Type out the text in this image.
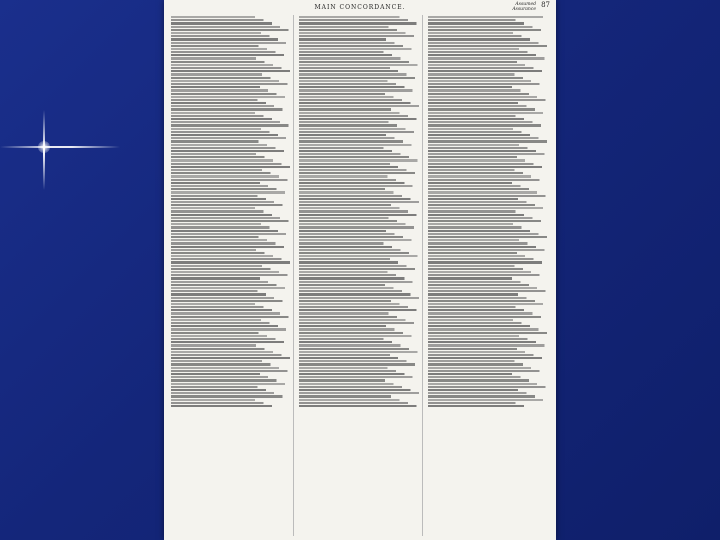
MAIN CONCORDANCE.	Assumed
Assurance
87
